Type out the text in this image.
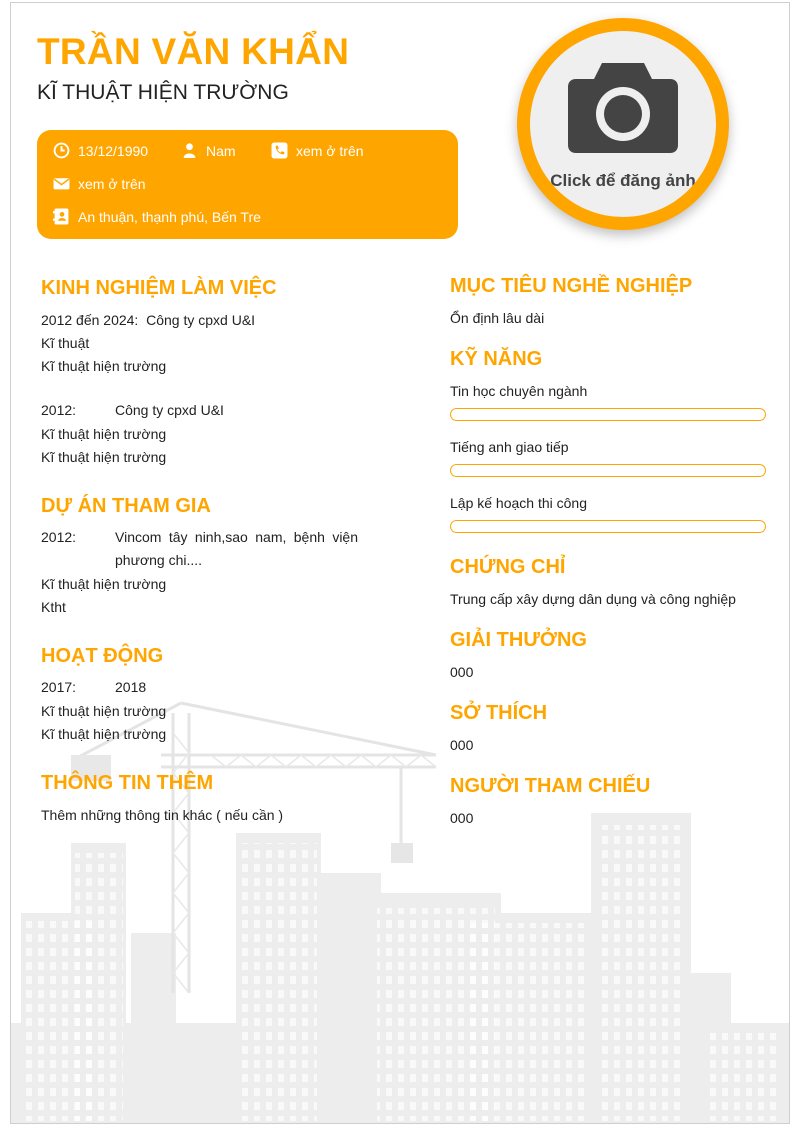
TRẦN VĂN KHẨN
KĨ THUẬT HIỆN TRƯỜNG
13/12/1990	Nam	xem ở trên
xem ở trên
An thuận, thạnh phú, Bến Tre
Click để đăng ảnh
KINH NGHIỆM LÀM VIỆC
2012 đến 2024: Công ty cpxd U&I
Kĩ thuật
Kĩ thuật hiện trường
2012:	Công ty cpxd U&I
Kĩ thuật hiện trường
Kĩ thuật hiện trường
DỰ ÁN THAM GIA
2012:	Vincom tây ninh,sao nam, bệnh viện phương chi....
Kĩ thuật hiện trường
Ktht
HOẠT ĐỘNG
2017:	2018
Kĩ thuật hiện trường
Kĩ thuật hiện trường
THÔNG TIN THÊM
Thêm những thông tin khác ( nếu cần )
MỤC TIÊU NGHỀ NGHIỆP
Ổn định lâu dài
KỸ NĂNG
Tin học chuyên ngành
Tiếng anh giao tiếp
Lập kế hoạch thi công
CHỨNG CHỈ
Trung cấp xây dựng dân dụng và công nghiệp
GIẢI THƯỞNG
000
SỞ THÍCH
000
NGƯỜI THAM CHIẾU
000
